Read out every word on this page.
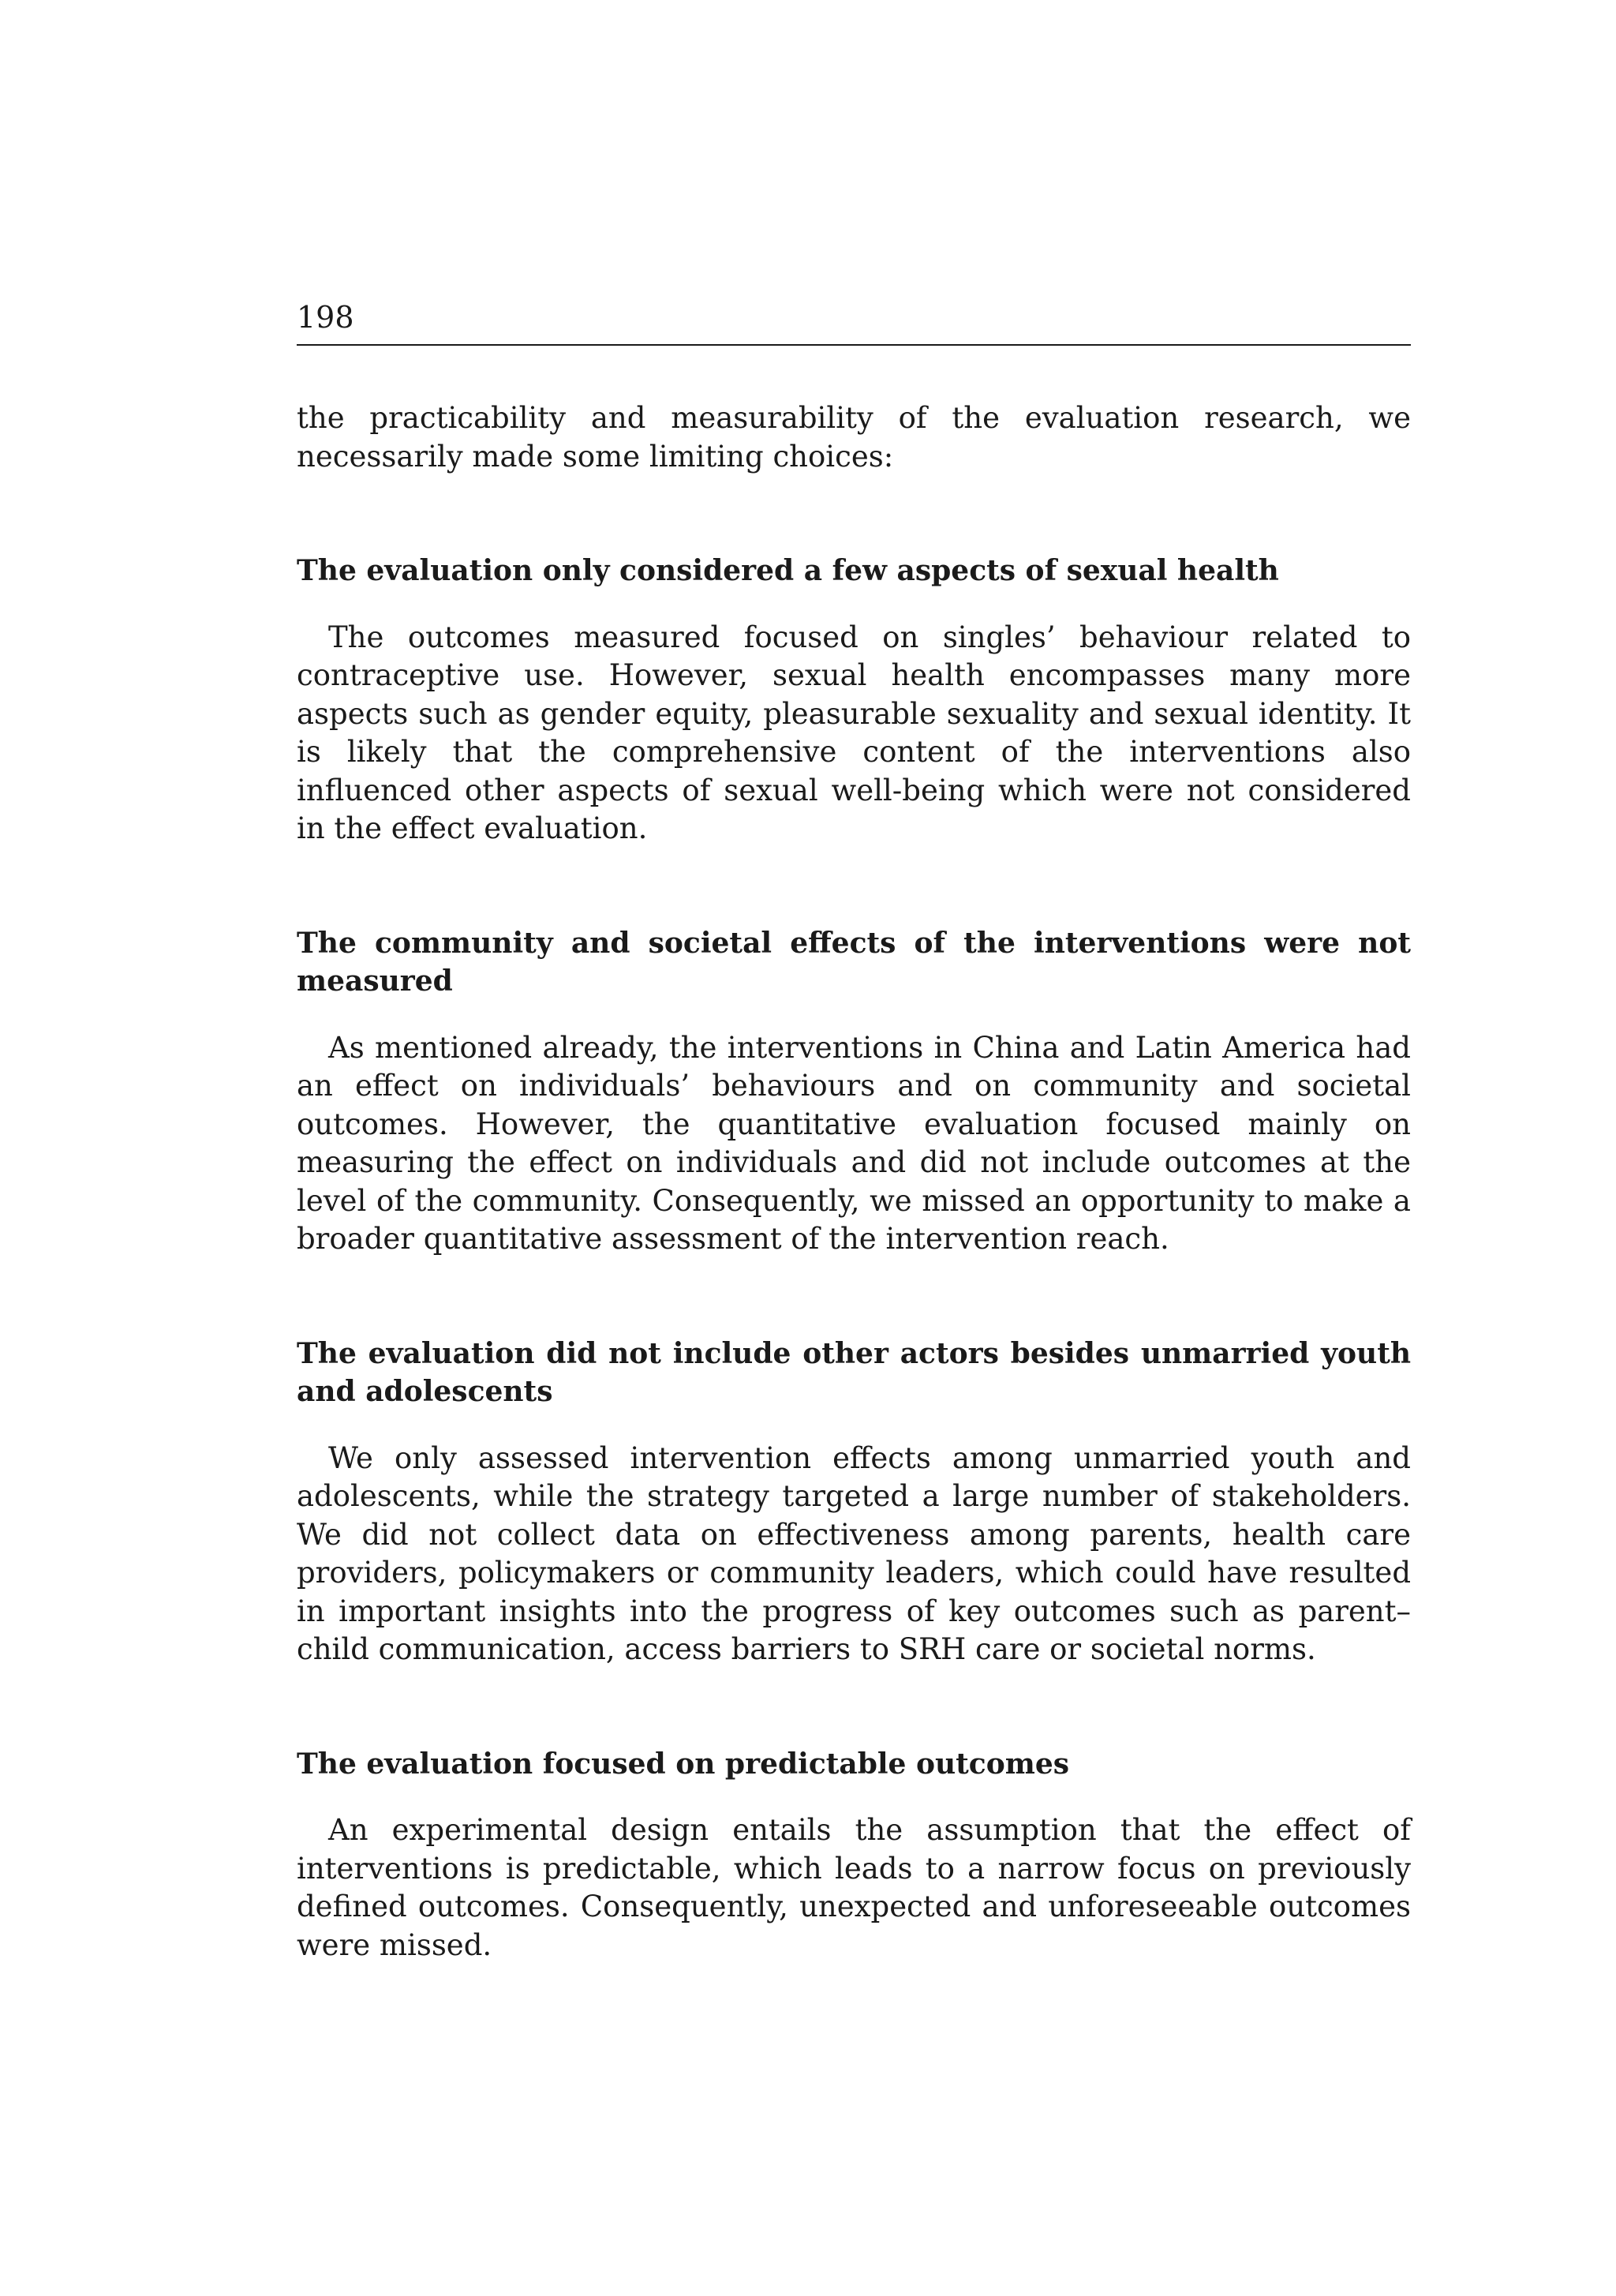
198

the practicability and measurability of the evaluation research, we necessarily made some limiting choices:

The evaluation only considered a few aspects of sexual health

The outcomes measured focused on singles’ behaviour related to contraceptive use. However, sexual health encompasses many more aspects such as gender equity, pleasurable sexuality and sexual identity. It is likely that the comprehensive content of the interventions also influenced other aspects of sexual well-being which were not considered in the effect evaluation.

The community and societal effects of the interventions were not measured

As mentioned already, the interventions in China and Latin America had an effect on individuals’ behaviours and on community and societal outcomes. However, the quantitative evaluation focused mainly on measuring the effect on individuals and did not include outcomes at the level of the community. Consequently, we missed an opportunity to make a broader quantitative assessment of the intervention reach.

The evaluation did not include other actors besides unmarried youth and adolescents

We only assessed intervention effects among unmarried youth and adolescents, while the strategy targeted a large number of stakeholders. We did not collect data on effectiveness among parents, health care providers, policymakers or community leaders, which could have resulted in important insights into the progress of key outcomes such as parent–child communication, access barriers to SRH care or societal norms.

The evaluation focused on predictable outcomes

An experimental design entails the assumption that the effect of interventions is predictable, which leads to a narrow focus on previously defined outcomes. Consequently, unexpected and unforeseeable outcomes were missed.
